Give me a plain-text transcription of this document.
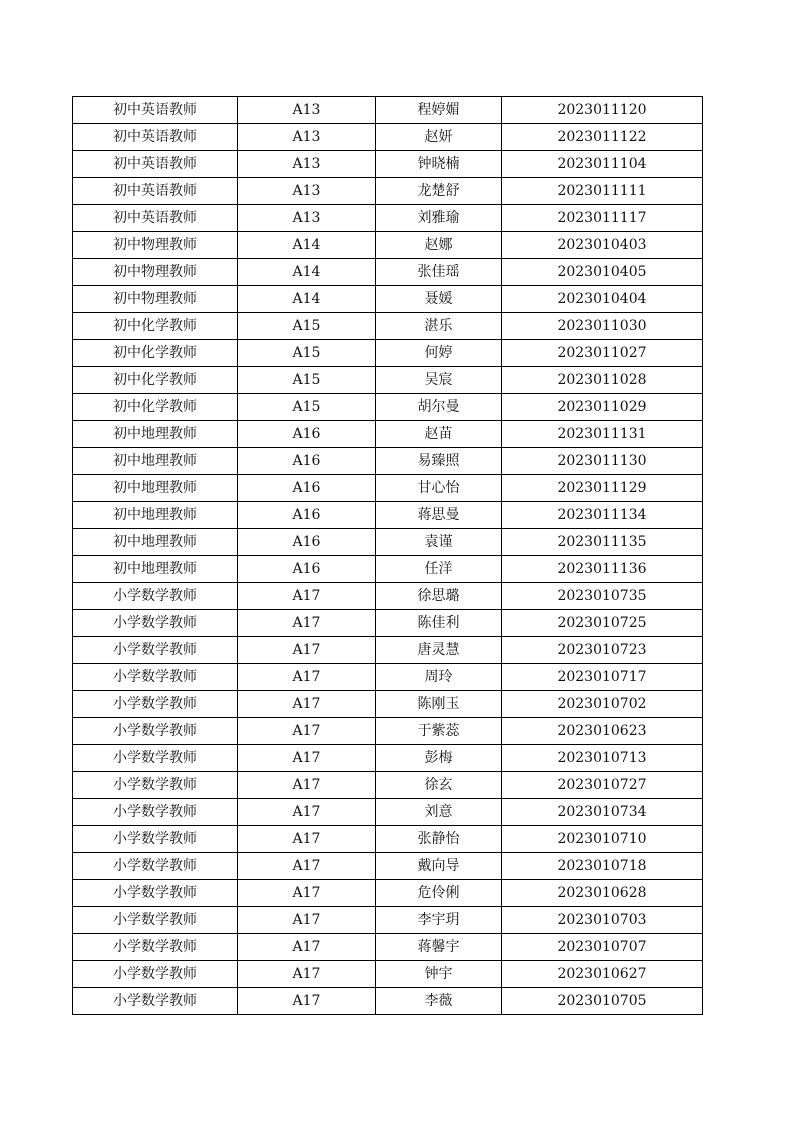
初中英语教师	A13	程婷媚	2023011120
初中英语教师	A13	赵妍	2023011122
初中英语教师	A13	钟晓楠	2023011104
初中英语教师	A13	龙楚舒	2023011111
初中英语教师	A13	刘雅瑜	2023011117
初中物理教师	A14	赵娜	2023010403
初中物理教师	A14	张佳瑶	2023010405
初中物理教师	A14	聂媛	2023010404
初中化学教师	A15	湛乐	2023011030
初中化学教师	A15	何婷	2023011027
初中化学教师	A15	吴宸	2023011028
初中化学教师	A15	胡尔曼	2023011029
初中地理教师	A16	赵苗	2023011131
初中地理教师	A16	易臻照	2023011130
初中地理教师	A16	甘心怡	2023011129
初中地理教师	A16	蒋思曼	2023011134
初中地理教师	A16	袁谨	2023011135
初中地理教师	A16	任洋	2023011136
小学数学教师	A17	徐思璐	2023010735
小学数学教师	A17	陈佳利	2023010725
小学数学教师	A17	唐灵慧	2023010723
小学数学教师	A17	周玲	2023010717
小学数学教师	A17	陈刚玉	2023010702
小学数学教师	A17	于紫蕊	2023010623
小学数学教师	A17	彭梅	2023010713
小学数学教师	A17	徐玄	2023010727
小学数学教师	A17	刘意	2023010734
小学数学教师	A17	张静怡	2023010710
小学数学教师	A17	戴向导	2023010718
小学数学教师	A17	危伶俐	2023010628
小学数学教师	A17	李宇玥	2023010703
小学数学教师	A17	蒋馨宇	2023010707
小学数学教师	A17	钟宇	2023010627
小学数学教师	A17	李薇	2023010705
